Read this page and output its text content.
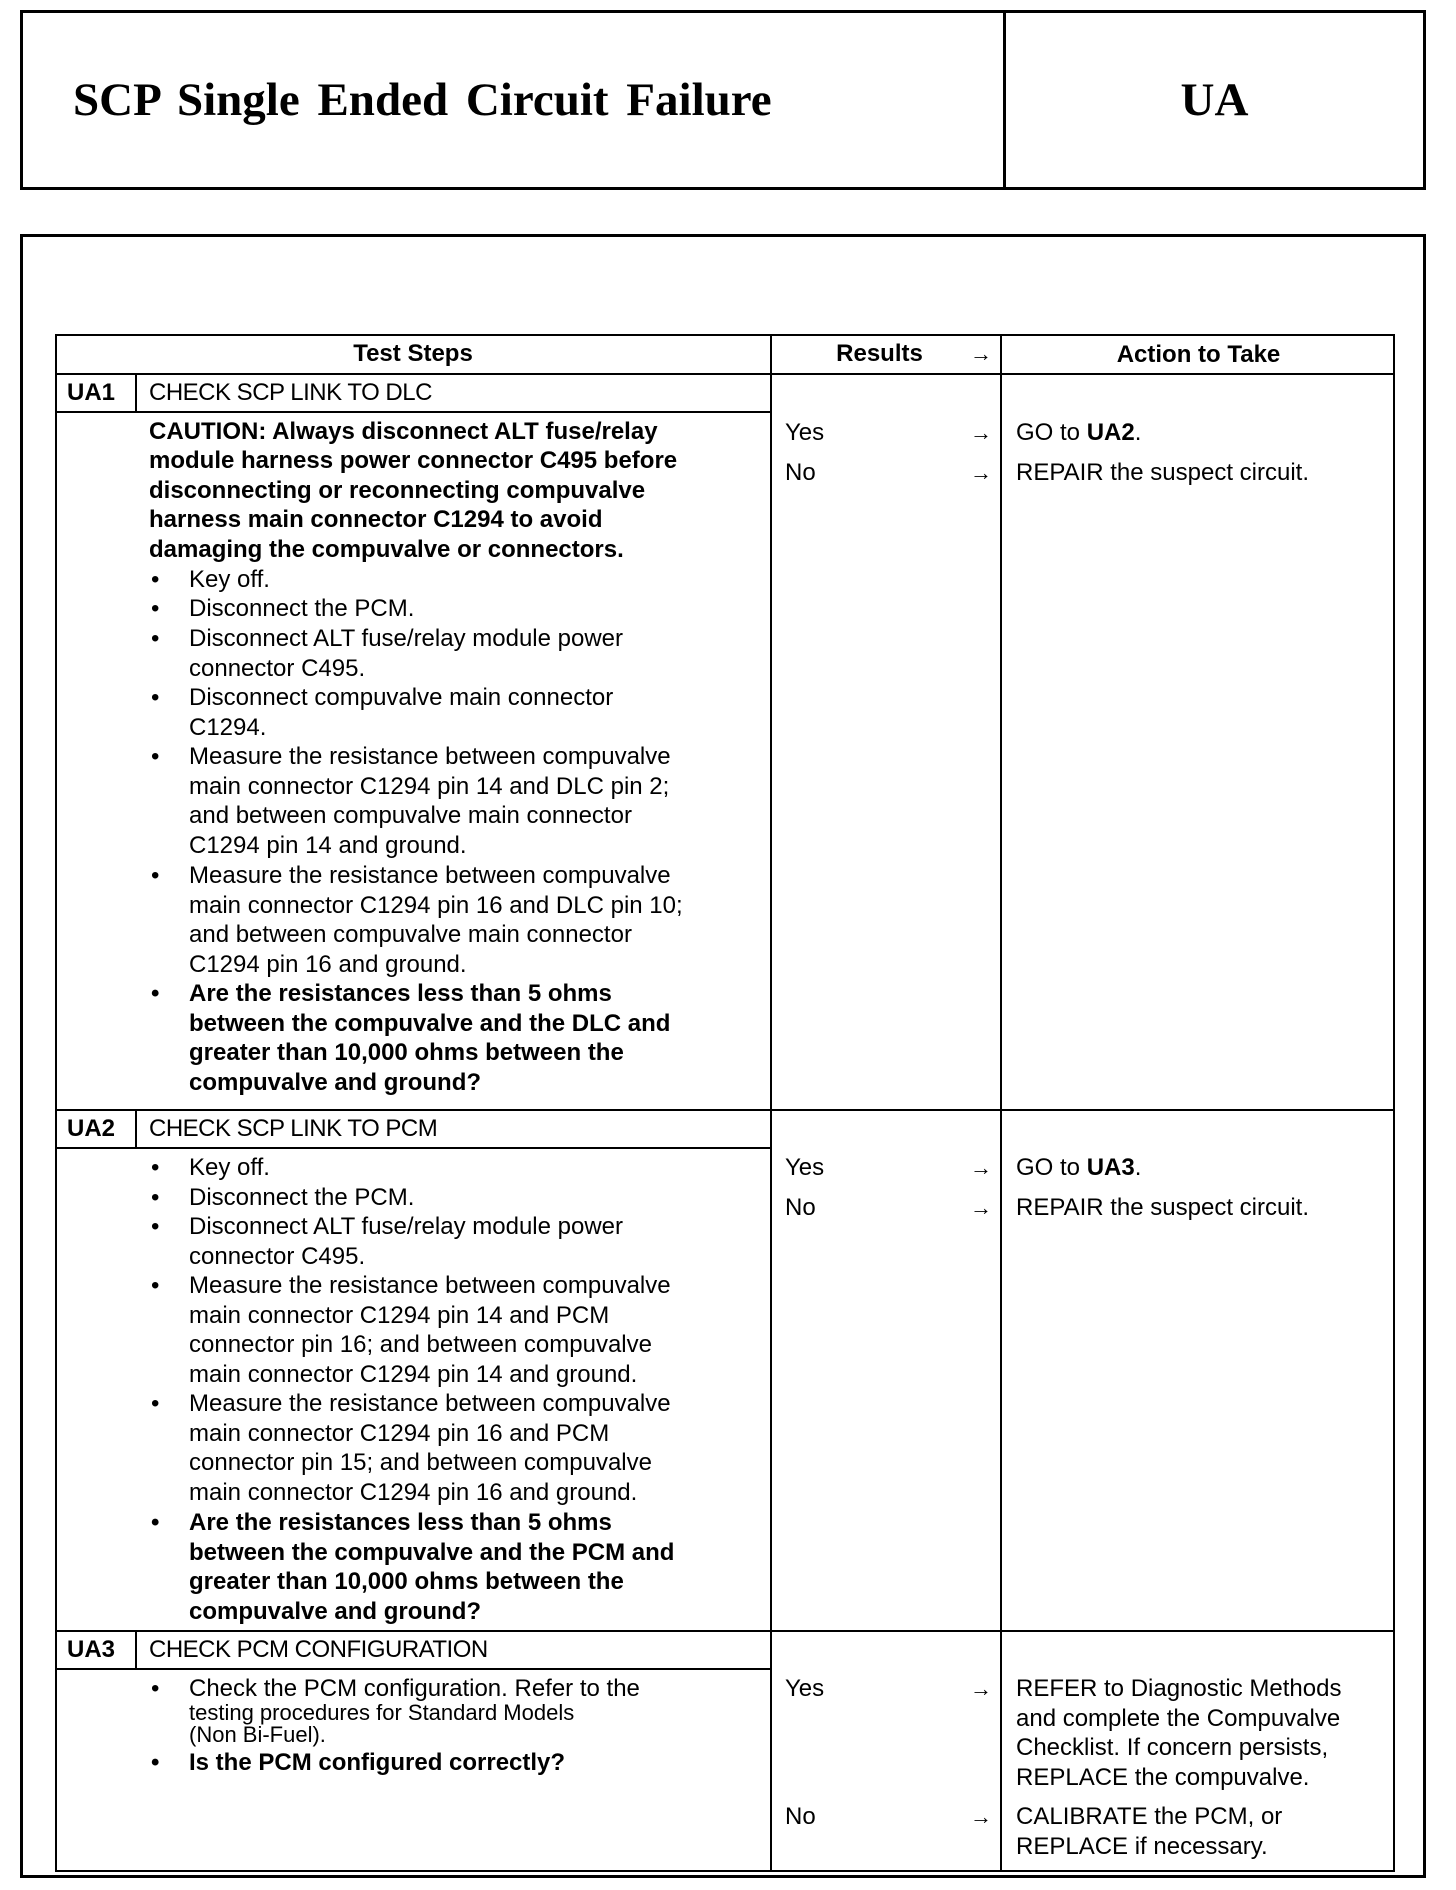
SCP Single Ended Circuit Failure	UA
Test Steps	Results	→	Action to Take
UA1 CHECK SCP LINK TO DLC
CAUTION: Always disconnect ALT fuse/relay
module harness power connector C495 before
disconnecting or reconnecting compuvalve
harness main connector C1294 to avoid
damaging the compuvalve or connectors.
• Key off.
• Disconnect the PCM.
• Disconnect ALT fuse/relay module power
connector C495.
• Disconnect compuvalve main connector
C1294.
• Measure the resistance between compuvalve
main connector C1294 pin 14 and DLC pin 2;
and between compuvalve main connector
C1294 pin 14 and ground.
• Measure the resistance between compuvalve
main connector C1294 pin 16 and DLC pin 10;
and between compuvalve main connector
C1294 pin 16 and ground.
• Are the resistances less than 5 ohms
between the compuvalve and the DLC and
greater than 10,000 ohms between the
compuvalve and ground?
Yes	→ GO to UA2.
No	→ REPAIR the suspect circuit.
UA2 CHECK SCP LINK TO PCM
• Key off.
• Disconnect the PCM.
• Disconnect ALT fuse/relay module power
connector C495.
• Measure the resistance between compuvalve
main connector C1294 pin 14 and PCM
connector pin 16; and between compuvalve
main connector C1294 pin 14 and ground.
• Measure the resistance between compuvalve
main connector C1294 pin 16 and PCM
connector pin 15; and between compuvalve
main connector C1294 pin 16 and ground.
• Are the resistances less than 5 ohms
between the compuvalve and the PCM and
greater than 10,000 ohms between the
compuvalve and ground?
Yes	→ GO to UA3.
No	→ REPAIR the suspect circuit.
UA3 CHECK PCM CONFIGURATION
• Check the PCM configuration. Refer to the
testing procedures for Standard Models
(Non Bi-Fuel).
• Is the PCM configured correctly?
Yes	→ REFER to Diagnostic Methods
and complete the Compuvalve
Checklist. If concern persists,
REPLACE the compuvalve.
No	→ CALIBRATE the PCM, or
REPLACE if necessary.
